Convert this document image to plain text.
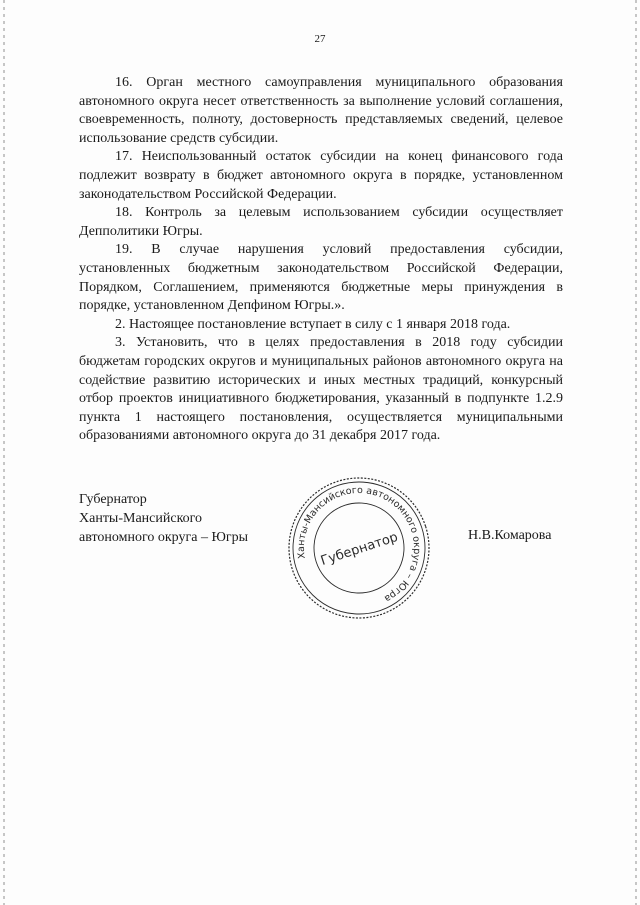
27

16. Орган местного самоуправления муниципального образования автономного округа несет ответственность за выполнение условий соглашения, своевременность, полноту, достоверность представляемых сведений, целевое использование средств субсидии.

17. Неиспользованный остаток субсидии на конец финансового года подлежит возврату в бюджет автономного округа в порядке, установленном законодательством Российской Федерации.

18. Контроль за целевым использованием субсидии осуществляет Депполитики Югры.

19. В случае нарушения условий предоставления субсидии, установленных бюджетным законодательством Российской Федерации, Порядком, Соглашением, применяются бюджетные меры принуждения в порядке, установленном Депфином Югры.».

2. Настоящее постановление вступает в силу с 1 января 2018 года.

3. Установить, что в целях предоставления в 2018 году субсидии бюджетам городских округов и муниципальных районов автономного округа на содействие развитию исторических и иных местных традиций, конкурсный отбор проектов инициативного бюджетирования, указанный в подпункте 1.2.9 пункта 1 настоящего постановления, осуществляется муниципальными образованиями автономного округа до 31 декабря 2017 года.

Губернатор
Ханты-Мансийского
автономного округа – Югры
Ханты-Мансийского автономного округа – Югра
Губернатор	Н.В.Комарова
